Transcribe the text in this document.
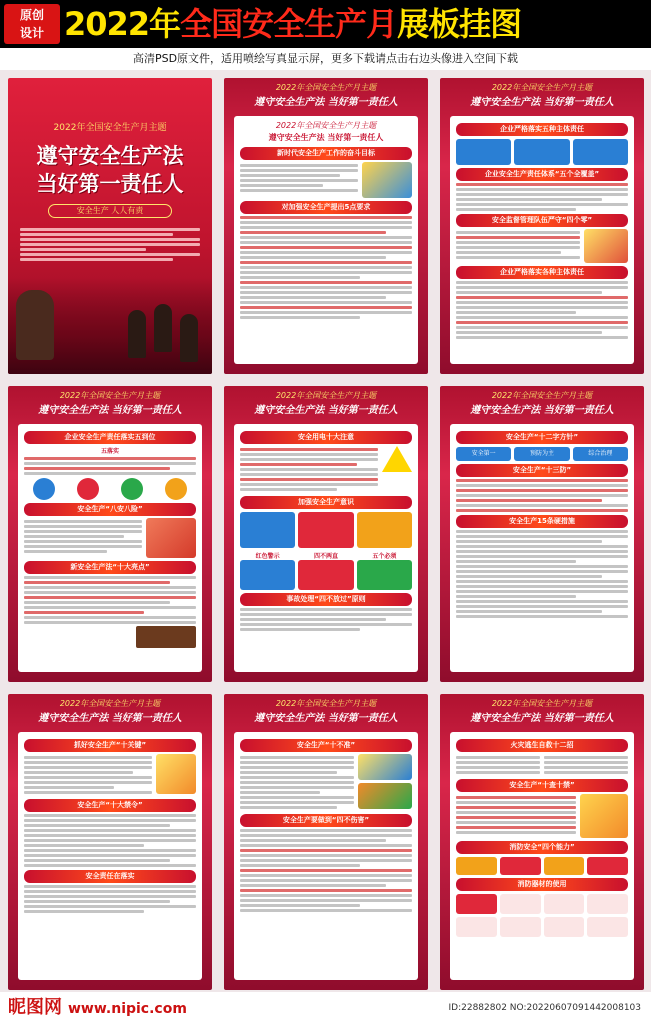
原创
设计 2022年全国安全生产月展板挂图
高清PSD原文件，适用喷绘写真显示屏，更多下载请点击右边头像进入空间下载
2022年全国安全生产月主题
遵守安全生产法
当好第一责任人
安全生产 人人有责
2022年全国安全生产月主题
遵守安全生产法 当好第一责任人
2022年全国安全生产月主题
遵守安全生产法 当好第一责任人
新时代安全生产工作的奋斗目标
对加强安全生产提出5点要求
2022年全国安全生产月主题
遵守安全生产法 当好第一责任人
企业严格落实五种主体责任
企业安全生产责任体系“五个全覆盖”
安全监督管理队伍严守“四个零”
企业严格落实各种主体责任
2022年全国安全生产月主题
遵守安全生产法 当好第一责任人
企业安全生产责任落实五到位
五落实
安全生产“八安八险”
新安全生产法“十大亮点”
2022年全国安全生产月主题
遵守安全生产法 当好第一责任人
安全用电十大注意
加强安全生产意识
红色警示	四不两直	五个必须
事故处理“四不放过”原则
2022年全国安全生产月主题
遵守安全生产法 当好第一责任人
安全生产“十二字方针”
安全第一	预防为主	综合治理
安全生产“十三防”
安全生产15条硬措施
2022年全国安全生产月主题
遵守安全生产法 当好第一责任人
抓好安全生产“十关键”
安全生产“十大禁令”
安全责任在落实
2022年全国安全生产月主题
遵守安全生产法 当好第一责任人
安全生产“十不准”
安全生产要做到“四不伤害”
2022年全国安全生产月主题
遵守安全生产法 当好第一责任人
火灾逃生自救十二招
安全生产“十查十禁”
消防安全“四个能力”
消防器材的使用
昵图网 www.nipic.com	ID:22882802 NO:20220607091442008103
